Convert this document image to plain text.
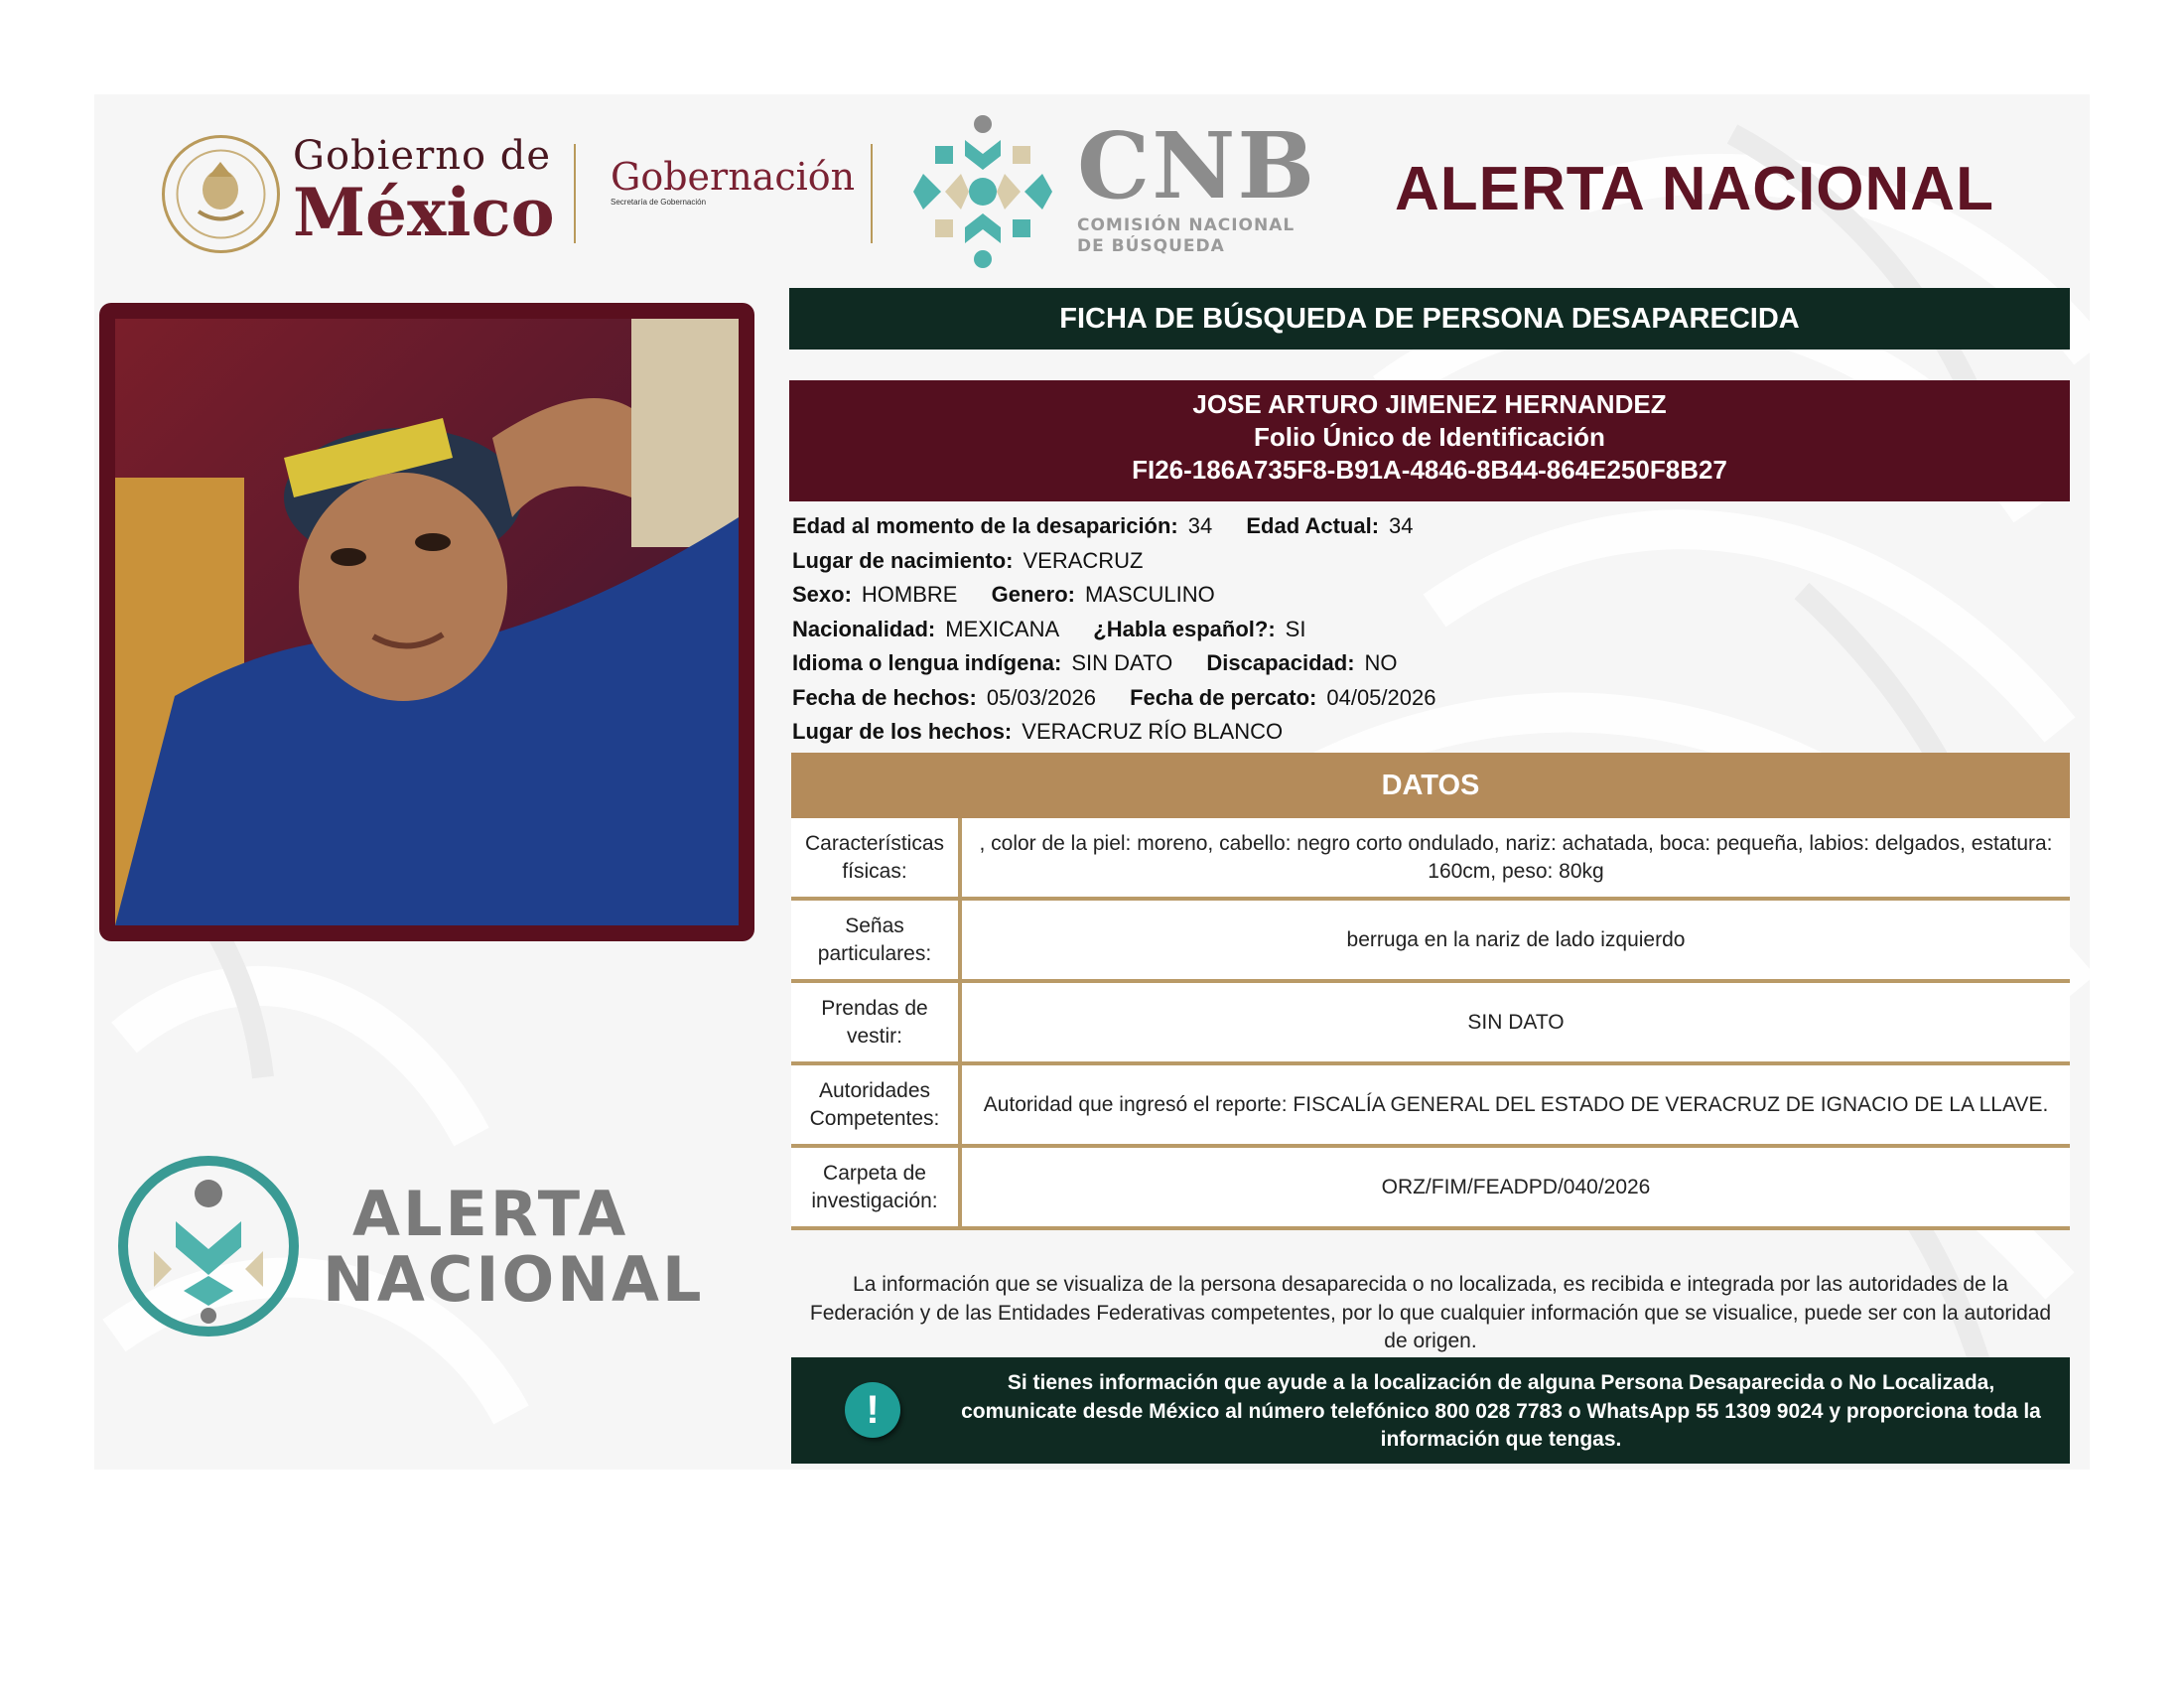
Gobierno de
México Gobernación
Secretaría de Gobernación	CNB
COMISIÓN NACIONAL
DE BÚSQUEDA
ALERTA NACIONAL
ALERTA
NACIONAL
FICHA DE BÚSQUEDA DE PERSONA DESAPARECIDA
JOSE ARTURO JIMENEZ HERNANDEZ
Folio Único de Identificación
FI26-186A735F8-B91A-4846-8B44-864E250F8B27
Edad al momento de la desaparición: 34 Edad Actual: 34
Lugar de nacimiento: VERACRUZ
Sexo: HOMBRE Genero: MASCULINO
Nacionalidad: MEXICANA ¿Habla español?: SI
Idioma o lengua indígena: SIN DATO Discapacidad: NO
Fecha de hechos: 05/03/2026 Fecha de percato: 04/05/2026
Lugar de los hechos: VERACRUZ RÍO BLANCO
DATOS
Características físicas:
, color de la piel: moreno, cabello: negro corto ondulado, nariz: achatada, boca: pequeña, labios: delgados, estatura: 160cm, peso: 80kg
Señas particulares:
berruga en la nariz de lado izquierdo
Prendas de vestir:
SIN DATO
Autoridades Competentes:
Autoridad que ingresó el reporte: FISCALÍA GENERAL DEL ESTADO DE VERACRUZ DE IGNACIO DE LA LLAVE.
Carpeta de investigación:
ORZ/FIM/FEADPD/040/2026
La información que se visualiza de la persona desaparecida o no localizada, es recibida e integrada por las autoridades de la Federación y de las Entidades Federativas competentes, por lo que cualquier información que se visualice, puede ser con la autoridad de origen.
!
Si tienes información que ayude a la localización de alguna Persona Desaparecida o No Localizada, comunicate desde México al número telefónico 800 028 7783 o WhatsApp 55 1309 9024 y proporciona toda la información que tengas.
